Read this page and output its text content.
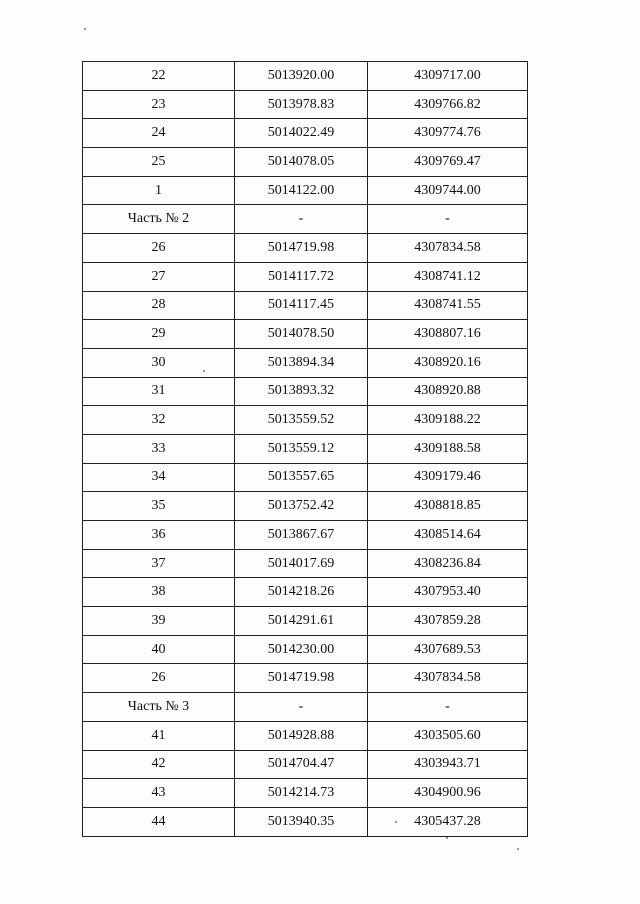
22	5013920.00	4309717.00
23	5013978.83	4309766.82
24	5014022.49	4309774.76
25	5014078.05	4309769.47
1	5014122.00	4309744.00
Часть № 2	-	-
26	5014719.98	4307834.58
27	5014117.72	4308741.12
28	5014117.45	4308741.55
29	5014078.50	4308807.16
30	5013894.34	4308920.16
31	5013893.32	4308920.88
32	5013559.52	4309188.22
33	5013559.12	4309188.58
34	5013557.65	4309179.46
35	5013752.42	4308818.85
36	5013867.67	4308514.64
37	5014017.69	4308236.84
38	5014218.26	4307953.40
39	5014291.61	4307859.28
40	5014230.00	4307689.53
26	5014719.98	4307834.58
Часть № 3	-	-
41	5014928.88	4303505.60
42	5014704.47	4303943.71
43	5014214.73	4304900.96
44	5013940.35	4305437.28
